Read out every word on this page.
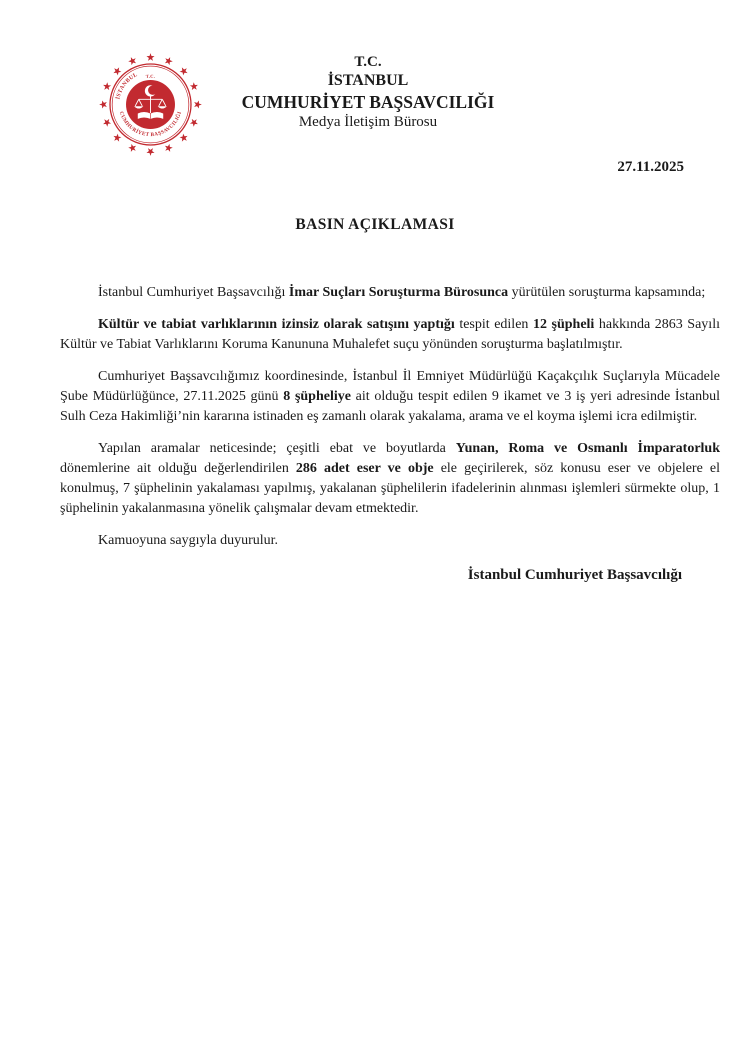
İSTANBUL T.C.
CUMHURİYET BAŞSAVCILIĞI
T.C.
İSTANBUL
CUMHURİYET BAŞSAVCILIĞI
Medya İletişim Bürosu
27.11.2025
BASIN AÇIKLAMASI

İstanbul Cumhuriyet Başsavcılığı İmar Suçları Soruşturma Bürosunca yürütülen soruşturma kapsamında;

Kültür ve tabiat varlıklarının izinsiz olarak satışını yaptığı tespit edilen 12 şüpheli hakkında 2863 Sayılı Kültür ve Tabiat Varlıklarını Koruma Kanununa Muhalefet suçu yönünden soruşturma başlatılmıştır.

Cumhuriyet Başsavcılığımız koordinesinde, İstanbul İl Emniyet Müdürlüğü Kaçakçılık Suçlarıyla Mücadele Şube Müdürlüğünce, 27.11.2025 günü 8 şüpheliye ait olduğu tespit edilen 9 ikamet ve 3 iş yeri adresinde İstanbul Sulh Ceza Hakimliği’nin kararına istinaden eş zamanlı olarak yakalama, arama ve el koyma işlemi icra edilmiştir.

Yapılan aramalar neticesinde; çeşitli ebat ve boyutlarda Yunan, Roma ve Osmanlı İmparatorluk dönemlerine ait olduğu değerlendirilen 286 adet eser ve obje ele geçirilerek, söz konusu eser ve objelere el konulmuş, 7 şüphelinin yakalaması yapılmış, yakalanan şüphelilerin ifadelerinin alınması işlemleri sürmekte olup, 1 şüphelinin yakalanmasına yönelik çalışmalar devam etmektedir.

Kamuoyuna saygıyla duyurulur.

İstanbul Cumhuriyet Başsavcılığı
